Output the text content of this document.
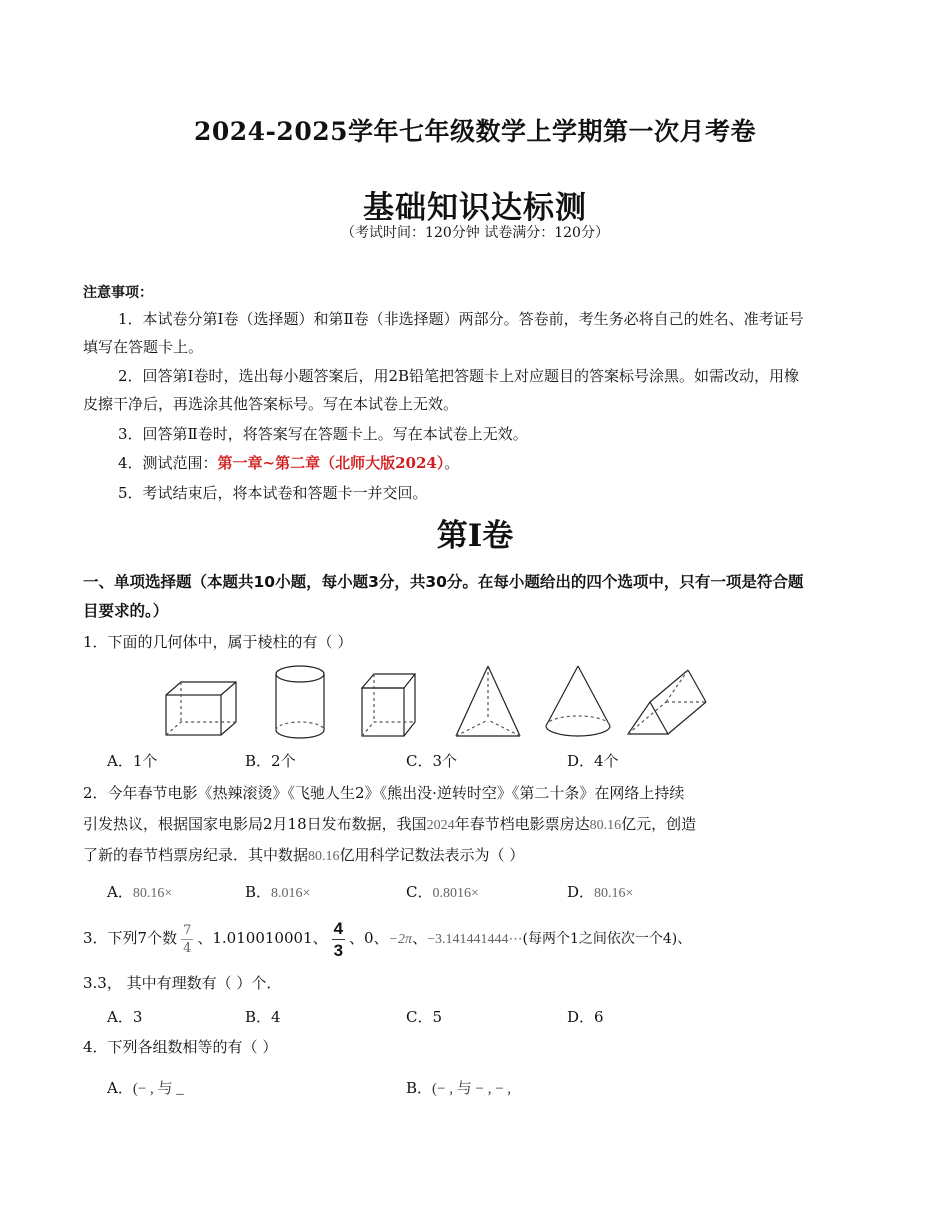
2024-2025学年七年级数学上学期第一次月考卷
基础知识达标测
（考试时间：120分钟 试卷满分：120分）
注意事项：
1．本试卷分第Ⅰ卷（选择题）和第Ⅱ卷（非选择题）两部分。答卷前，考生务必将自己的姓名、准考证号填写在答题卡上。
2．回答第Ⅰ卷时，选出每小题答案后，用2B铅笔把答题卡上对应题目的答案标号涂黑。如需改动，用橡皮擦干净后，再选涂其他答案标号。写在本试卷上无效。
3．回答第Ⅱ卷时，将答案写在答题卡上。写在本试卷上无效。
4．测试范围：第一章~第二章（北师大版2024）。
5．考试结束后，将本试卷和答题卡一并交回。
第Ⅰ卷
一、单项选择题（本题共10小题，每小题3分，共30分。在每小题给出的四个选项中，只有一项是符合题目要求的。）
1．下面的几何体中，属于棱柱的有（ ）
A．1个	B．2个	C．3个	D．4个
2．今年春节电影《热辣滚烫》《飞驰人生2》《熊出没·逆转时空》《第二十条》在网络上持续
引发热议，根据国家电影局2月18日发布数据，我国2024年春节档电影票房达80.16亿元，创造
了新的春节档票房纪录．其中数据80.16亿用科学记数法表示为（ ）
A．80.16×	B．8.016×	C．0.8016×	D．80.16×
3．下列7个数 $\frac{7}{4}$ 、1.010010001、 $\frac{4}{3}$ 、0、−2π、−3.141441444⋯(每两个1之间依次一个4)、
3.3， 其中有理数有（ ）个．
A．3	B．4	C．5	D．6
4．下列各组数相等的有（ ）
A．(− , 与 _	B．(− , 与 − , − ,
